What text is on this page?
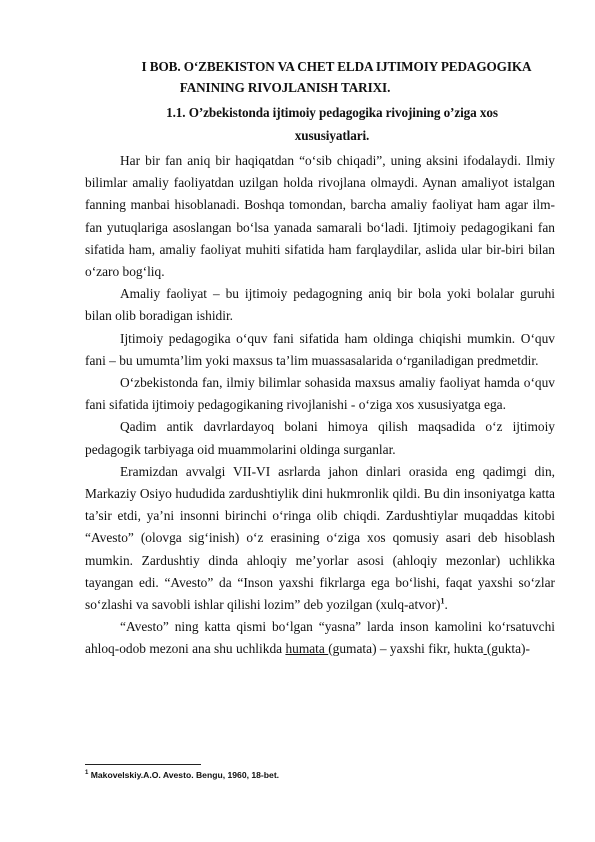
I BOB. O‘ZBEKISTON VA CHET ELDA IJTIMOIY PEDAGOGIKA
FANINING RIVOJLANISH TARIXI.
1.1. O’zbekistonda ijtimoiy pedagogika rivojining o’ziga xos
xususiyatlari.

Har bir fan aniq bir haqiqatdan “o‘sib chiqadi”, uning aksini ifodalaydi. Ilmiy bilimlar amaliy faoliyatdan uzilgan holda rivojlana olmaydi. Aynan amaliyot istalgan fanning manbai hisoblanadi. Boshqa tomondan, barcha amaliy faoliyat ham agar ilm-fan yutuqlariga asoslangan bo‘lsa yanada samarali bo‘ladi. Ijtimoiy pedagogikani fan sifatida ham, amaliy faoliyat muhiti sifatida ham farqlaydilar, aslida ular bir-biri bilan o‘zaro bog‘liq.

Amaliy faoliyat – bu ijtimoiy pedagogning aniq bir bola yoki bolalar guruhi bilan olib boradigan ishidir.

Ijtimoiy pedagogika o‘quv fani sifatida ham oldinga chiqishi mumkin. O‘quv fani – bu umumta’lim yoki maxsus ta’lim muassasalarida o‘rganiladigan predmetdir.

O‘zbekistonda fan, ilmiy bilimlar sohasida maxsus amaliy faoliyat hamda o‘quv fani sifatida ijtimoiy pedagogikaning rivojlanishi - o‘ziga xos xususiyatga ega.

Qadim antik davrlardayoq bolani himoya qilish maqsadida o‘z ijtimoiy pedagogik tarbiyaga oid muammolarini oldinga surganlar.

Eramizdan avvalgi VII-VI asrlarda jahon dinlari orasida eng qadimgi din, Markaziy Osiyo hududida zardushtiylik dini hukmronlik qildi. Bu din insoniyatga katta ta’sir etdi, ya’ni insonni birinchi o‘ringa olib chiqdi. Zardushtiylar muqaddas kitobi “Avesto” (olovga sig‘inish) o‘z erasining o‘ziga xos qomusiy asari deb hisoblash mumkin. Zardushtiy dinda ahloqiy me’yorlar asosi (ahloqiy mezonlar) uchlikka tayangan edi. “Avesto” da “Inson yaxshi fikrlarga ega bo‘lishi, faqat yaxshi so‘zlar so‘zlashi va savobli ishlar qilishi lozim” deb yozilgan (xulq-atvor)$^1$.

“Avesto” ning katta qismi bo‘lgan “yasna” larda inson kamolini ko‘rsatuvchi ahloq-odob mezoni ana shu uchlikda humata (gumata) – yaxshi fikr, hukta (gukta)-

$^1$ Makovelskiy.A.O. Avesto. Bengu, 1960, 18-bet.
